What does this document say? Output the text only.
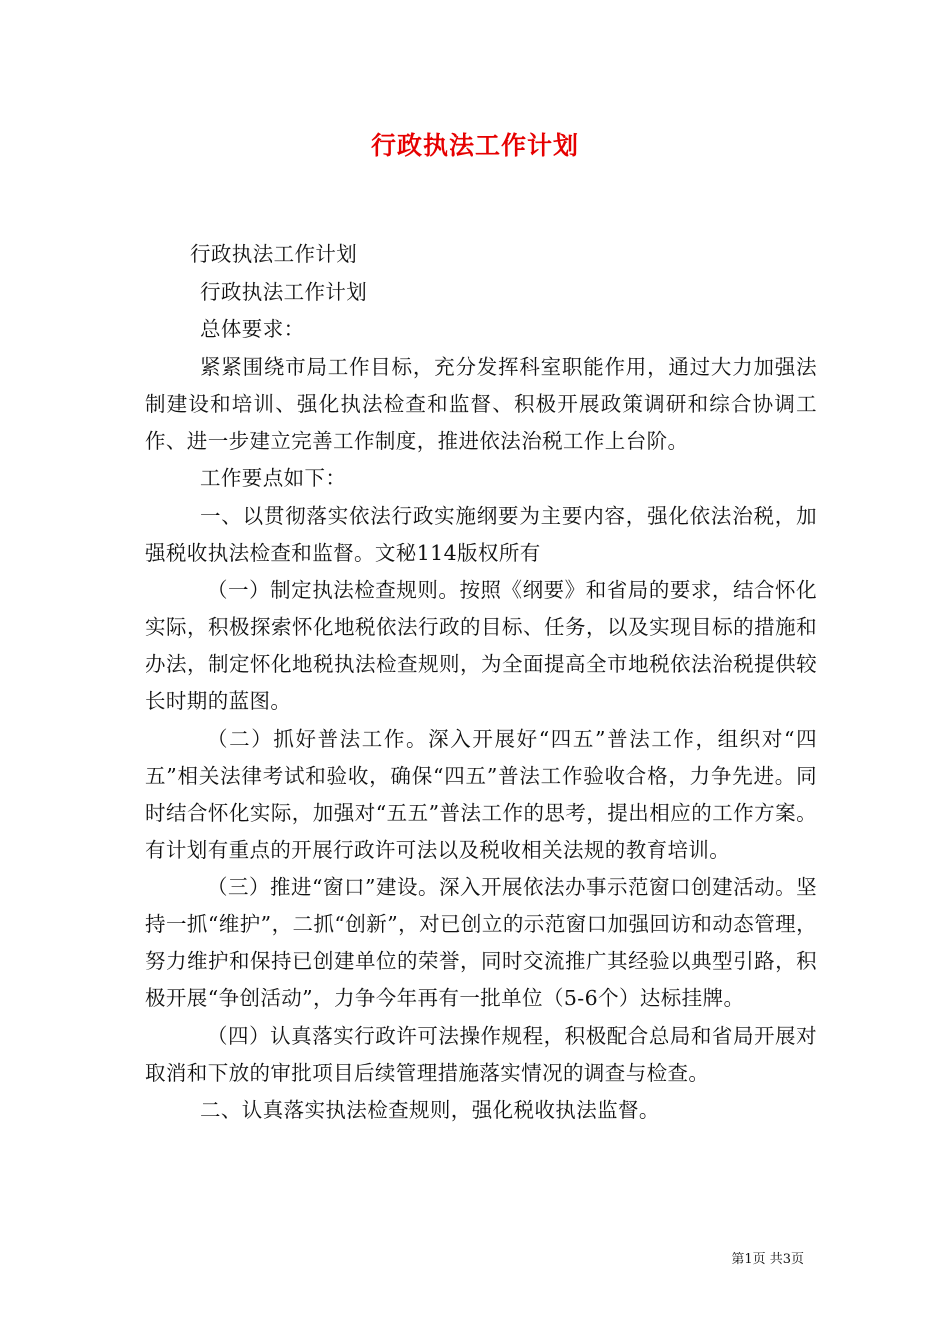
行政执法工作计划

行政执法工作计划

行政执法工作计划

总体要求：

紧紧围绕市局工作目标，充分发挥科室职能作用，通过大力加强法制建设和培训、强化执法检查和监督、积极开展政策调研和综合协调工作、进一步建立完善工作制度，推进依法治税工作上台阶。

工作要点如下：

一、以贯彻落实依法行政实施纲要为主要内容，强化依法治税，加强税收执法检查和监督。文秘114版权所有

（一）制定执法检查规则。按照《纲要》和省局的要求，结合怀化实际，积极探索怀化地税依法行政的目标、任务，以及实现目标的措施和办法，制定怀化地税执法检查规则，为全面提高全市地税依法治税提供较长时期的蓝图。

（二）抓好普法工作。深入开展好“四五”普法工作，组织对“四五”相关法律考试和验收，确保“四五”普法工作验收合格，力争先进。同时结合怀化实际，加强对“五五”普法工作的思考，提出相应的工作方案。有计划有重点的开展行政许可法以及税收相关法规的教育培训。

（三）推进“窗口”建设。深入开展依法办事示范窗口创建活动。坚持一抓“维护”，二抓“创新”，对已创立的示范窗口加强回访和动态管理，努力维护和保持已创建单位的荣誉，同时交流推广其经验以典型引路，积极开展“争创活动”，力争今年再有一批单位（5-6个）达标挂牌。

（四）认真落实行政许可法操作规程，积极配合总局和省局开展对取消和下放的审批项目后续管理措施落实情况的调查与检查。

二、认真落实执法检查规则，强化税收执法监督。

第1页 共3页
